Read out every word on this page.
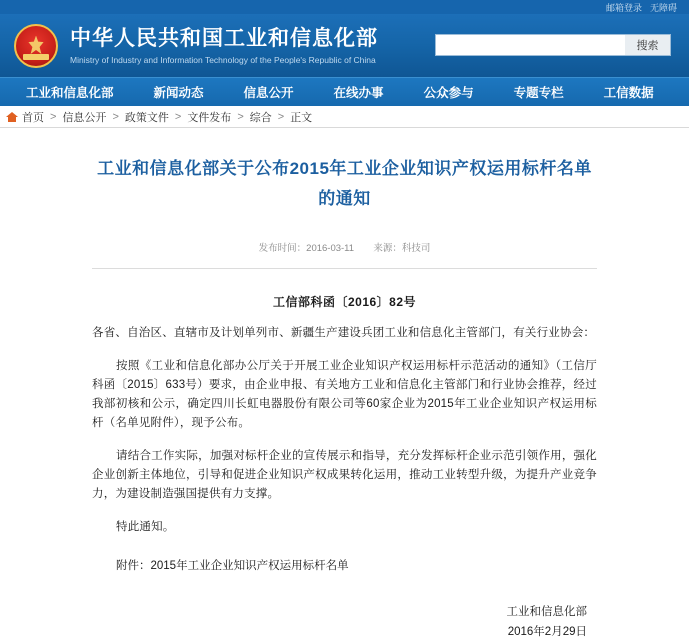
邮箱登录 无障碍
中华人民共和国工业和信息化部
Ministry of Industry and Information Technology of the People's Republic of China
搜索
工业和信息化部	新闻动态	信息公开	在线办事	公众参与	专题专栏	工信数据
首页 > 信息公开 > 政策文件 > 文件发布 > 综合 > 正文
工业和信息化部关于公布2015年工业企业知识产权运用标杆名单的通知
发布时间：2016-03-11 来源：科技司
工信部科函〔2016〕82号
各省、自治区、直辖市及计划单列市、新疆生产建设兵团工业和信息化主管部门，有关行业协会：
按照《工业和信息化部办公厅关于开展工业企业知识产权运用标杆示范活动的通知》（工信厅科函〔2015〕633号）要求，由企业申报、有关地方工业和信息化主管部门和行业协会推荐，经过我部初核和公示，确定四川长虹电器股份有限公司等60家企业为2015年工业企业知识产权运用标杆（名单见附件），现予公布。
请结合工作实际，加强对标杆企业的宣传展示和指导，充分发挥标杆企业示范引领作用，强化企业创新主体地位，引导和促进企业知识产权成果转化运用，推动工业转型升级，为提升产业竞争力，为建设制造强国提供有力支撑。
特此通知。
附件：2015年工业企业知识产权运用标杆名单
工业和信息化部
2016年2月29日
